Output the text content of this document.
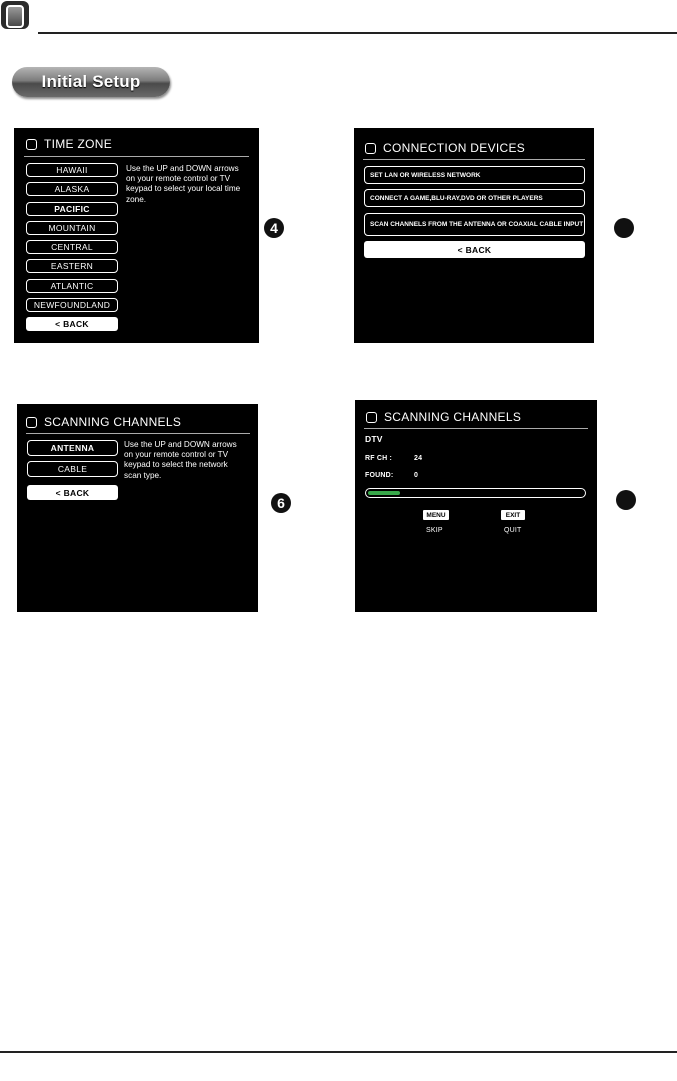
Initial Setup
TIME ZONE
HAWAII
ALASKA
PACIFIC
MOUNTAIN
CENTRAL
EASTERN
ATLANTIC
NEWFOUNDLAND
< BACK
Use the UP and DOWN arrows
on your remote control or TV
keypad to select your local time
zone.
4
CONNECTION DEVICES
SET LAN OR WIRELESS NETWORK
CONNECT A GAME,BLU-RAY,DVD OR OTHER PLAYERS
SCAN CHANNELS FROM THE ANTENNA OR COAXIAL CABLE INPUT
< BACK
SCANNING CHANNELS
ANTENNA
CABLE
< BACK
Use the UP and DOWN arrows
on your remote control or TV
keypad to select the network
scan type.
6
SCANNING CHANNELS
DTV
RF CH :	24
FOUND:	0
MENU	EXIT
SKIP	QUIT
